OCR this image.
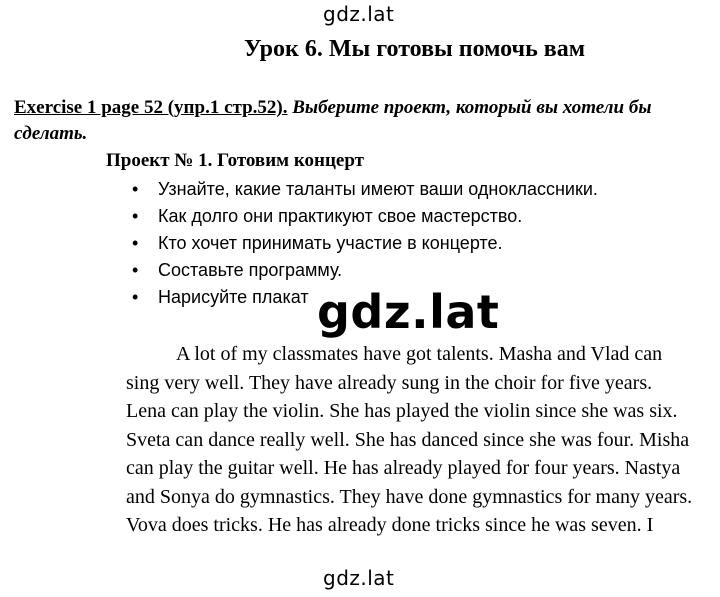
gdz.lat
Урок 6. Мы готовы помочь вам
Exercise 1 page 52 (упр.1 стр.52). Выберите проект, который вы хотели бы
сделать.
Проект № 1. Готовим концерт
• Узнайте, какие таланты имеют ваши одноклассники.
• Как долго они практикуют свое мастерство.
• Кто хочет принимать участие в концерте.
• Составьте программу.
• Нарисуйте плакат gdz.lat
A lot of my classmates have got talents. Masha and Vlad can
sing very well. They have already sung in the choir for five years.
Lena can play the violin. She has played the violin since she was six.
Sveta can dance really well. She has danced since she was four. Misha
can play the guitar well. He has already played for four years. Nastya
and Sonya do gymnastics. They have done gymnastics for many years.
Vova does tricks. He has already done tricks since he was seven. I
gdz.lat
